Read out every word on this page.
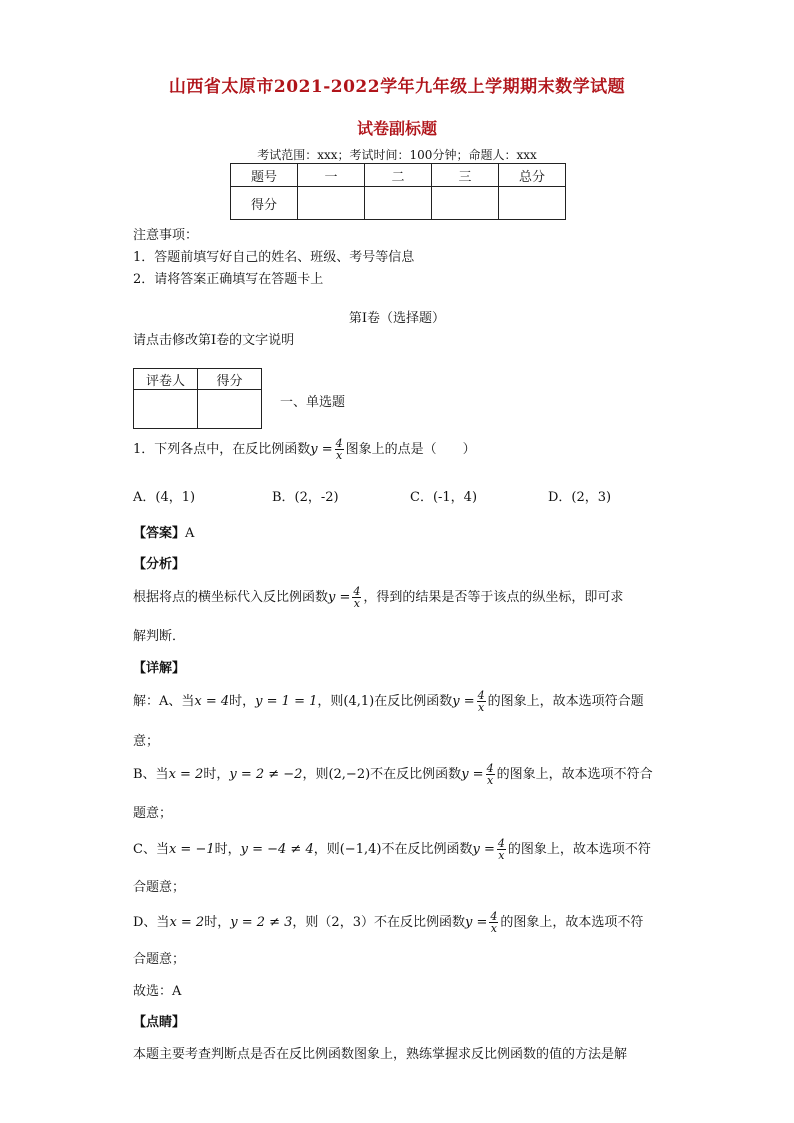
山西省太原市2021-2022学年九年级上学期期末数学试题
试卷副标题
考试范围：xxx；考试时间：100分钟；命题人：xxx
题号	一	二	三	总分
得分				
注意事项：
1．答题前填写好自己的姓名、班级、考号等信息
2．请将答案正确填写在答题卡上
第I卷（选择题）
请点击修改第I卷的文字说明
评卷人	得分

一、单选题
1．下列各点中，在反比例函数$y = \frac{4}{x}$ 图象上的点是（　　）
A．(4，1)	B．(2，-2)	C．(-1，4)	D．(2，3)
【答案】A
【分析】
根据将点的横坐标代入反比例函数$y = \frac{4}{x}$ ，得到的结果是否等于该点的纵坐标，即可求
解判断．
【详解】
解：A、当x = 4时，y = 1 = 1，则(4,1)在反比例函数$y = \frac{4}{x}$ 的图象上，故本选项符合题
意；
B、当x = 2时，y = 2 ≠ −2，则(2,−2)不在反比例函数$y = \frac{4}{x}$ 的图象上，故本选项不符合
题意；
C、当x = −1时，y = −4 ≠ 4，则(−1,4)不在反比例函数$y = \frac{4}{x}$ 的图象上，故本选项不符
合题意；
D、当x = 2时，y = 2 ≠ 3，则（2，3）不在反比例函数$y = \frac{4}{x}$ 的图象上，故本选项不符
合题意；
故选：A
【点睛】
本题主要考查判断点是否在反比例函数图象上，熟练掌握求反比例函数的值的方法是解
